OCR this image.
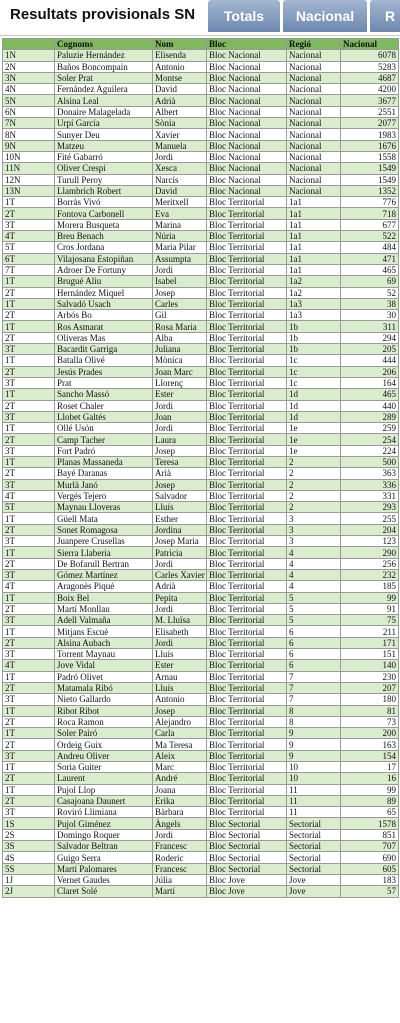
Resultats provisionals SN	Totals	Nacional	R
	Cognoms	Nom	Bloc	Regió	Nacional
1N	Paluzie Hernández	Elisenda	Bloc Nacional	Nacional	6078
2N	Baños Boncompain	Antonio	Bloc Nacional	Nacional	5283
3N	Soler Prat	Montse	Bloc Nacional	Nacional	4687
4N	Fernández Aguilera	David	Bloc Nacional	Nacional	4200
5N	Alsina Leal	Adrià	Bloc Nacional	Nacional	3677
6N	Donaire Malagelada	Albert	Bloc Nacional	Nacional	2551
7N	Urpí García	Sònia	Bloc Nacional	Nacional	2077
8N	Sunyer Deu	Xavier	Bloc Nacional	Nacional	1983
9N	Matzeu	Manuela	Bloc Nacional	Nacional	1676
10N	Fité Gabarró	Jordi	Bloc Nacional	Nacional	1558
11N	Oliver Crespí	Xesca	Bloc Nacional	Nacional	1549
12N	Turull Peroy	Narcís	Bloc Nacional	Nacional	1549
13N	Llambrich Robert	David	Bloc Nacional	Nacional	1352
1T	Borràs Vivó	Meritxell	Bloc Territorial	1a1	776
2T	Fontova Carbonell	Eva	Bloc Territorial	1a1	718
3T	Morera Busqueta	Marina	Bloc Territorial	1a1	677
4T	Breu Benach	Núria	Bloc Territorial	1a1	522
5T	Cros Jordana	Maria Pilar	Bloc Territorial	1a1	484
6T	Vilajosana Estopiñan	Assumpta	Bloc Territorial	1a1	471
7T	Adroer De Fortuny	Jordi	Bloc Territorial	1a1	465
1T	Brugué Aliu	Isabel	Bloc Territorial	1a2	69
2T	Hernández Miquel	Josep	Bloc Territorial	1a2	52
1T	Salvadó Usach	Carles	Bloc Territorial	1a3	38
2T	Arbós Bo	Gil	Bloc Territorial	1a3	30
1T	Ros Asmarat	Rosa Maria	Bloc Territorial	1b	311
2T	Oliveras Mas	Alba	Bloc Territorial	1b	294
3T	Bacardit Garriga	Juliana	Bloc Territorial	1b	205
1T	Batalla Olivé	Mònica	Bloc Territorial	1c	444
2T	Jesús Prades	Joan Marc	Bloc Territorial	1c	206
3T	Prat	Llorenç	Bloc Territorial	1c	164
1T	Sancho Massó	Ester	Bloc Territorial	1d	465
2T	Roset Chaler	Jordi	Bloc Territorial	1d	440
3T	Llobet Galtés	Joan	Bloc Territorial	1d	289
1T	Ollé Usón	Jordi	Bloc Territorial	1e	259
2T	Camp Tacher	Laura	Bloc Territorial	1e	254
3T	Fort Padró	Josep	Bloc Territorial	1e	224
1T	Planas Massaneda	Teresa	Bloc Territorial	2	500
2T	Bayé Daranas	Arià	Bloc Territorial	2	363
3T	Murlà Janó	Josep	Bloc Territorial	2	336
4T	Vergés Tejero	Salvador	Bloc Territorial	2	331
5T	Maynau Lloveras	Lluís	Bloc Territorial	2	293
1T	Güell Mata	Esther	Bloc Territorial	3	255
2T	Sonet Romagosa	Jordina	Bloc Territorial	3	204
3T	Juanpere Crusellas	Josep Maria	Bloc Territorial	3	123
1T	Sierra Llaberia	Patricia	Bloc Territorial	4	290
2T	De Bofarull Bertran	Jordi	Bloc Territorial	4	256
3T	Gómez Martínez	Carles Xavier	Bloc Territorial	4	232
4T	Aragonès Piqué	Adrià	Bloc Territorial	4	185
1T	Boix Bel	Pepita	Bloc Territorial	5	99
2T	Martí Monllau	Jordi	Bloc Territorial	5	91
3T	Adell Valmaña	M. Lluïsa	Bloc Territorial	5	75
1T	Mitjans Escuè	Elisabeth	Bloc Territorial	6	211
2T	Alsina Aubach	Jordi	Bloc Territorial	6	171
3T	Torrent Maynau	Lluís	Bloc Territorial	6	151
4T	Jove Vidal	Ester	Bloc Territorial	6	140
1T	Padró Olivet	Arnau	Bloc Territorial	7	230
2T	Matamala Ribó	Lluís	Bloc Territorial	7	207
3T	Nieto Gallardo	Antonio	Bloc Territorial	7	180
1T	Ribot Ribot	Josep	Bloc Territorial	8	81
2T	Roca Ramon	Alejandro	Bloc Territorial	8	73
1T	Soler Pairó	Carla	Bloc Territorial	9	200
2T	Ordeig Guix	Ma Teresa	Bloc Territorial	9	163
3T	Andreu Oliver	Aleix	Bloc Territorial	9	154
1T	Soria Guiter	Marc	Bloc Territorial	10	17
2T	Laurent	André	Bloc Territorial	10	16
1T	Pujol Llop	Joana	Bloc Territorial	11	99
2T	Casajoana Daunert	Erika	Bloc Territorial	11	89
3T	Roviró Llimiana	Bàrbara	Bloc Territorial	11	65
1S	Pujol Giménez	Àngels	Bloc Sectorial	Sectorial	1578
2S	Domingo Roquer	Jordi	Bloc Sectorial	Sectorial	851
3S	Salvador Beltran	Francesc	Bloc Sectorial	Sectorial	707
4S	Guigo Serra	Roderic	Bloc Sectorial	Sectorial	690
5S	Martí Palomares	Francesc	Bloc Sectorial	Sectorial	605
1J	Vernet Gaudes	Júlia	Bloc Jove	Jove	183
2J	Claret Solé	Martí	Bloc Jove	Jove	57
